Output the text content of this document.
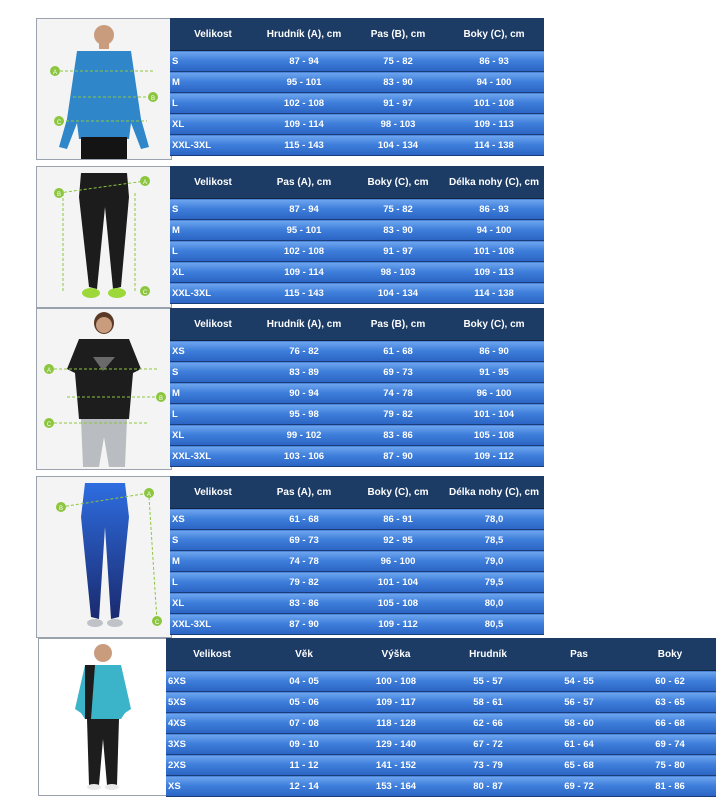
A
B
C
Velikost	Hrudník (A), cm	Pas (B), cm	Boky (C), cm
S	87 - 94	75 - 82	86 - 93
M	95 - 101	83 - 90	94 - 100
L	102 - 108	91 - 97	101 - 108
XL	109 - 114	98 - 103	109 - 113
XXL-3XL	115 - 143	104 - 134	114 - 138
B
A
C
Velikost	Pas (A), cm	Boky (C), cm	Délka nohy (C), cm
S	87 - 94	75 - 82	86 - 93
M	95 - 101	83 - 90	94 - 100
L	102 - 108	91 - 97	101 - 108
XL	109 - 114	98 - 103	109 - 113
XXL-3XL	115 - 143	104 - 134	114 - 138
A
B
C
Velikost	Hrudník (A), cm	Pas (B), cm	Boky (C), cm
XS	76 - 82	61 - 68	86 - 90
S	83 - 89	69 - 73	91 - 95
M	90 - 94	74 - 78	96 - 100
L	95 - 98	79 - 82	101 - 104
XL	99 - 102	83 - 86	105 - 108
XXL-3XL	103 - 106	87 - 90	109 - 112
B
A
C
Velikost	Pas (A), cm	Boky (C), cm	Délka nohy (C), cm
XS	61 - 68	86 - 91	78,0
S	69 - 73	92 - 95	78,5
M	74 - 78	96 - 100	79,0
L	79 - 82	101 - 104	79,5
XL	83 - 86	105 - 108	80,0
XXL-3XL	87 - 90	109 - 112	80,5
Velikost	Věk	Výška	Hrudník	Pas	Boky
6XS	04 - 05	100 - 108	55 - 57	54 - 55	60 - 62
5XS	05 - 06	109 - 117	58 - 61	56 - 57	63 - 65
4XS	07 - 08	118 - 128	62 - 66	58 - 60	66 - 68
3XS	09 - 10	129 - 140	67 - 72	61 - 64	69 - 74
2XS	11 - 12	141 - 152	73 - 79	65 - 68	75 - 80
XS	12 - 14	153 - 164	80 - 87	69 - 72	81 - 86
